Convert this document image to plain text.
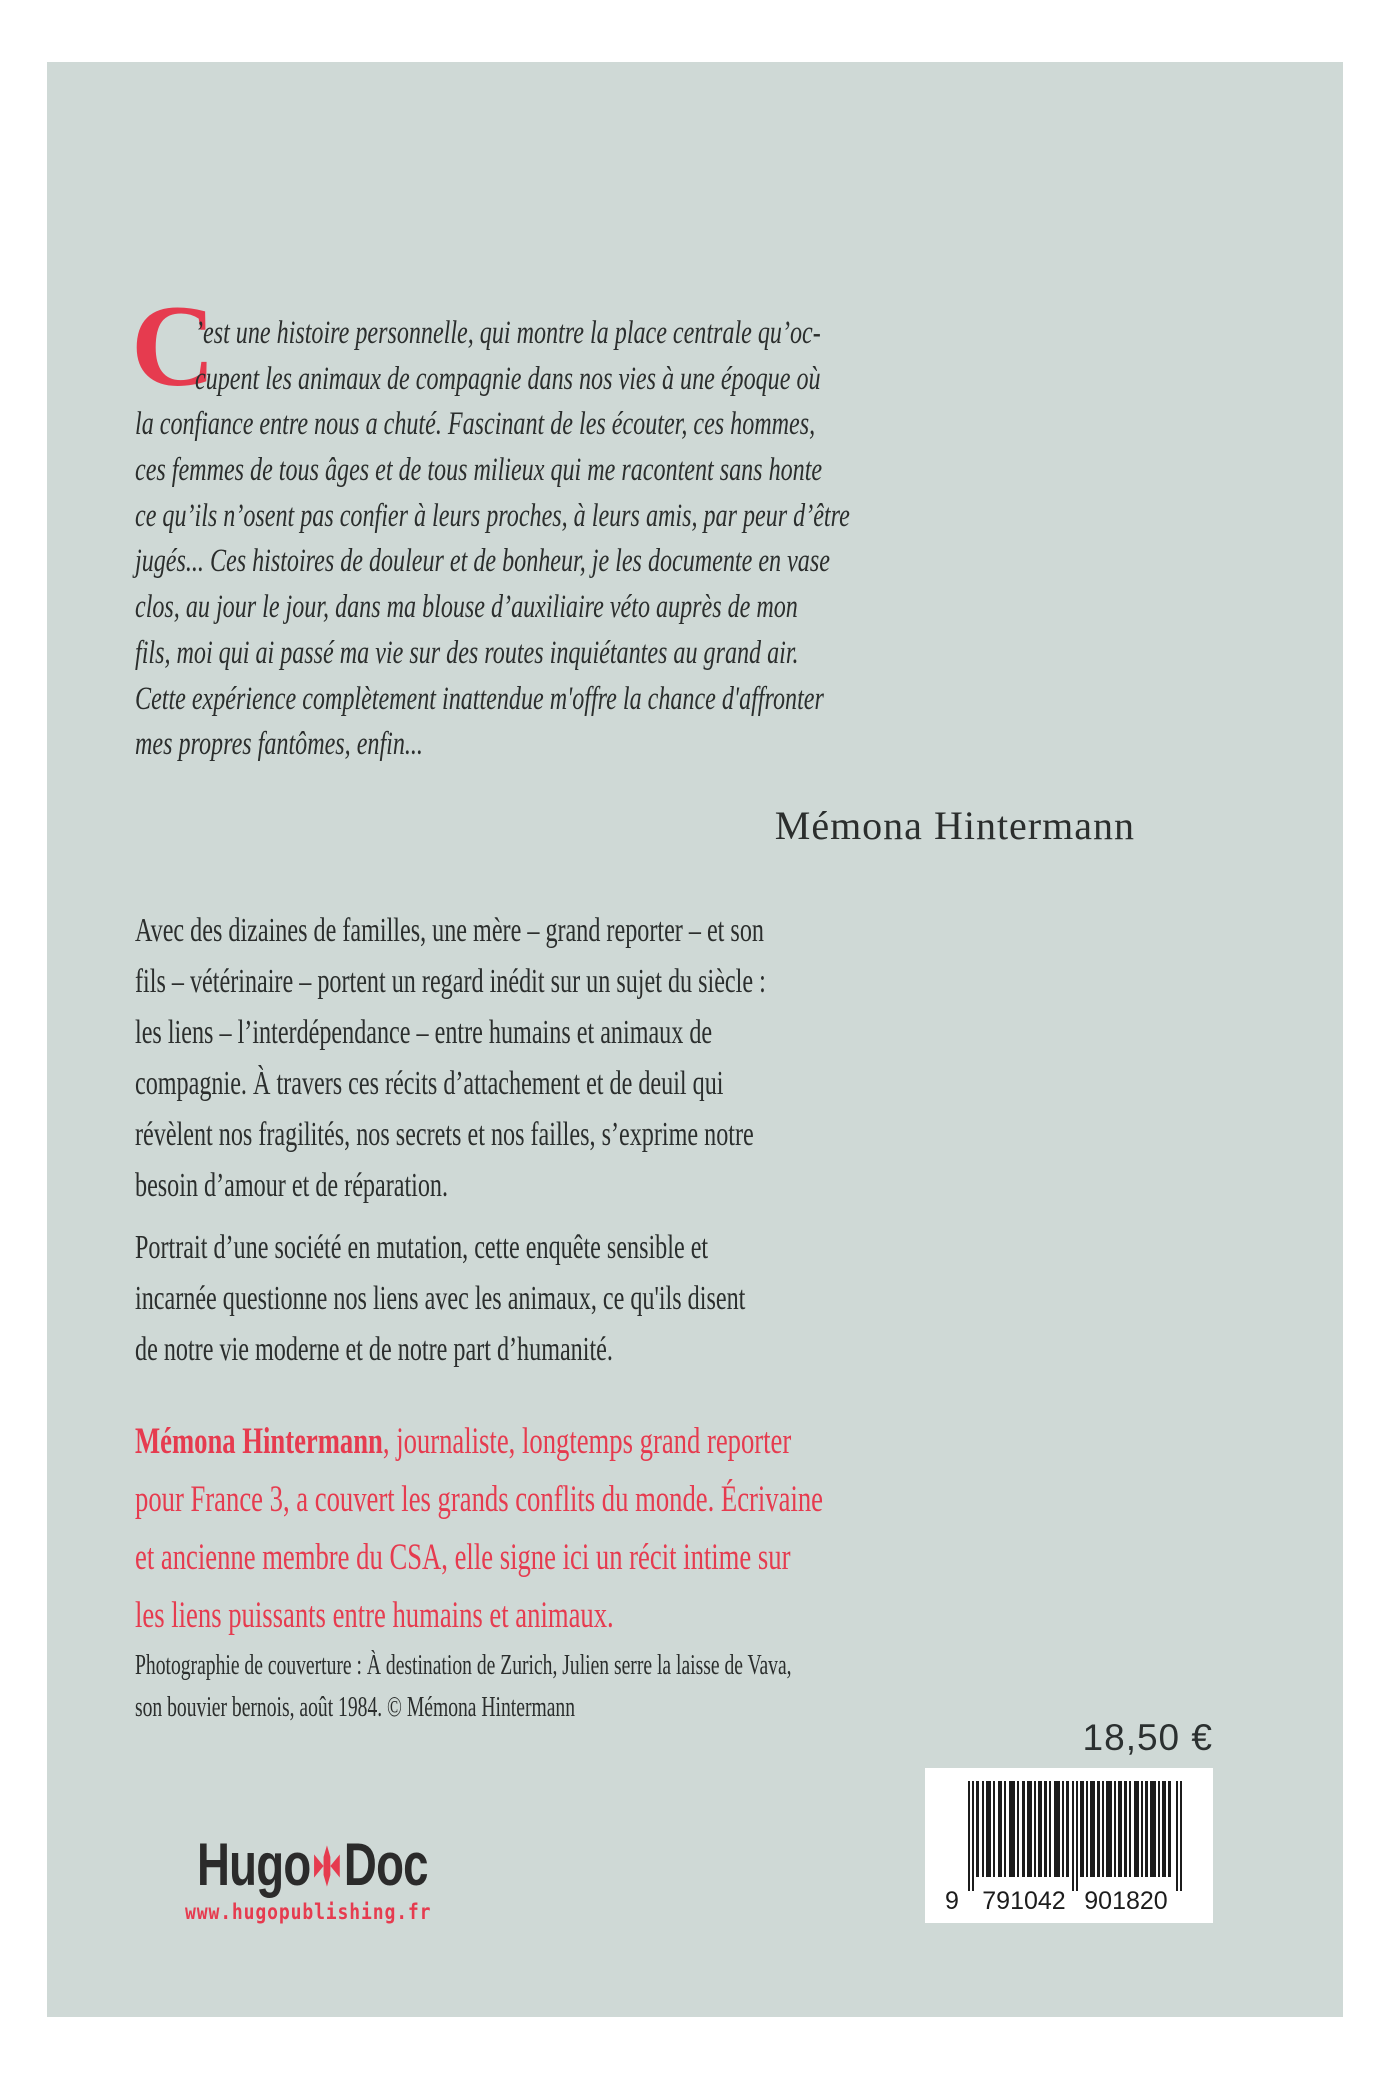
C
’est une histoire personnelle, qui montre la place centrale qu’oc-
cupent les animaux de compagnie dans nos vies à une époque où
la confiance entre nous a chuté. Fascinant de les écouter, ces hommes,
ces femmes de tous âges et de tous milieux qui me racontent sans honte
ce qu’ils n’osent pas confier à leurs proches, à leurs amis, par peur d’être
jugés... Ces histoires de douleur et de bonheur, je les documente en vase
clos, au jour le jour, dans ma blouse d’auxiliaire véto auprès de mon
fils, moi qui ai passé ma vie sur des routes inquiétantes au grand air.
Cette expérience complètement inattendue m'offre la chance d'affronter
mes propres fantômes, enfin...
Mémona Hintermann
Avec des dizaines de familles, une mère – grand reporter – et son
fils – vétérinaire – portent un regard inédit sur un sujet du siècle :
les liens – l’interdépendance – entre humains et animaux de
compagnie. À travers ces récits d’attachement et de deuil qui
révèlent nos fragilités, nos secrets et nos failles, s’exprime notre
besoin d’amour et de réparation.
Portrait d’une société en mutation, cette enquête sensible et
incarnée questionne nos liens avec les animaux, ce qu'ils disent
de notre vie moderne et de notre part d’humanité.
Mémona Hintermann, journaliste, longtemps grand reporter
pour France 3, a couvert les grands conflits du monde. Écrivaine
et ancienne membre du CSA, elle signe ici un récit intime sur
les liens puissants entre humains et animaux.
Photographie de couverture : À destination de Zurich, Julien serre la laisse de Vava,
son bouvier bernois, août 1984. © Mémona Hintermann
18,50 €
9 791042 901820
Hugo Doc
www.hugopublishing.fr
